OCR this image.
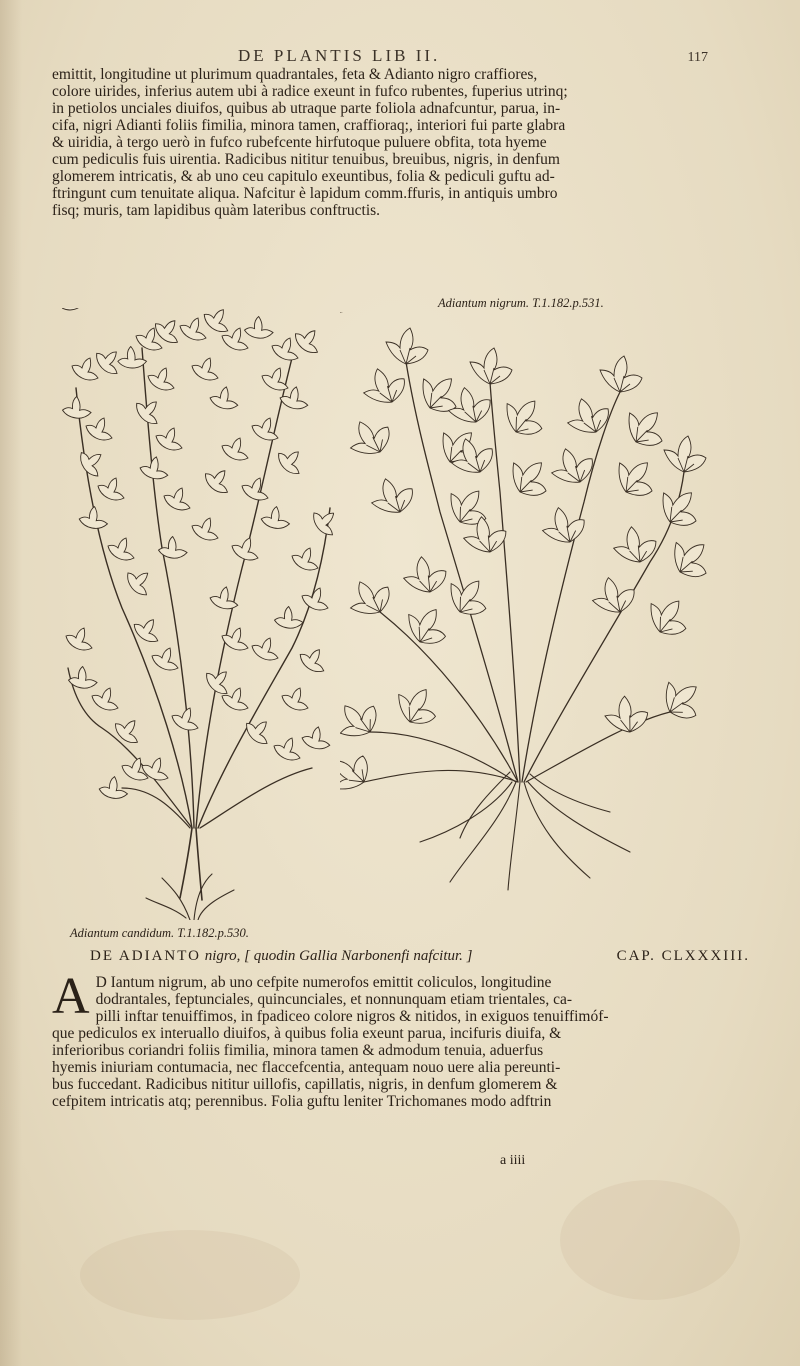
DE PLANTIS LIB II.	117

emittit, longitudine ut plurimum quadrantales, feta & Adianto nigro craffiores,

colore uirides, inferius autem ubi à radice exeunt in fufco rubentes, fuperius utrinq;

in petiolos unciales diuifos, quibus ab utraque parte foliola adnafcuntur, parua, in-

cifa, nigri Adianti foliis fimilia, minora tamen, craffioraq;, interiori fui parte glabra

& uiridia, à tergo uerò in fufco rubefcente hirfutoque puluere obfita, tota hyeme

cum pediculis fuis uirentia. Radicibus nititur tenuibus, breuibus, nigris, in denfum

glomerem intricatis, & ab uno ceu capitulo exeuntibus, folia & pediculi guftu ad-

ftringunt cum tenuitate aliqua. Nafcitur è lapidum comm.ffuris, in antiquis umbro

fisq; muris, tam lapidibus quàm lateribus conftructis.

Adiantum nigrum. T.1.182.p.531.
Adiantum candidum. T.1.182.p.530.
DE ADIANTO nigro, [ quodin Gallia Narbonenfi nafcitur. ]	CAP. CLXXXIII.
A D Iantum nigrum, ab uno cefpite numerofos emittit coliculos, longitudine

dodrantales, feptunciales, quincunciales, et nonnunquam etiam trientales, ca-

pilli inftar tenuiffimos, in fpadiceo colore nigros & nitidos, in exiguos tenuiffimóf-

que pediculos ex interuallo diuifos, à quibus folia exeunt parua, incifuris diuifa, &

inferioribus coriandri foliis fimilia, minora tamen & admodum tenuia, aduerfus

hyemis iniuriam contumacia, nec flaccefcentia, antequam nouo uere alia pereunti-

bus fuccedant. Radicibus nititur uillofis, capillatis, nigris, in denfum glomerem &

cefpitem intricatis atq; perennibus. Folia guftu leniter Trichomanes modo adftrin

a iiii
